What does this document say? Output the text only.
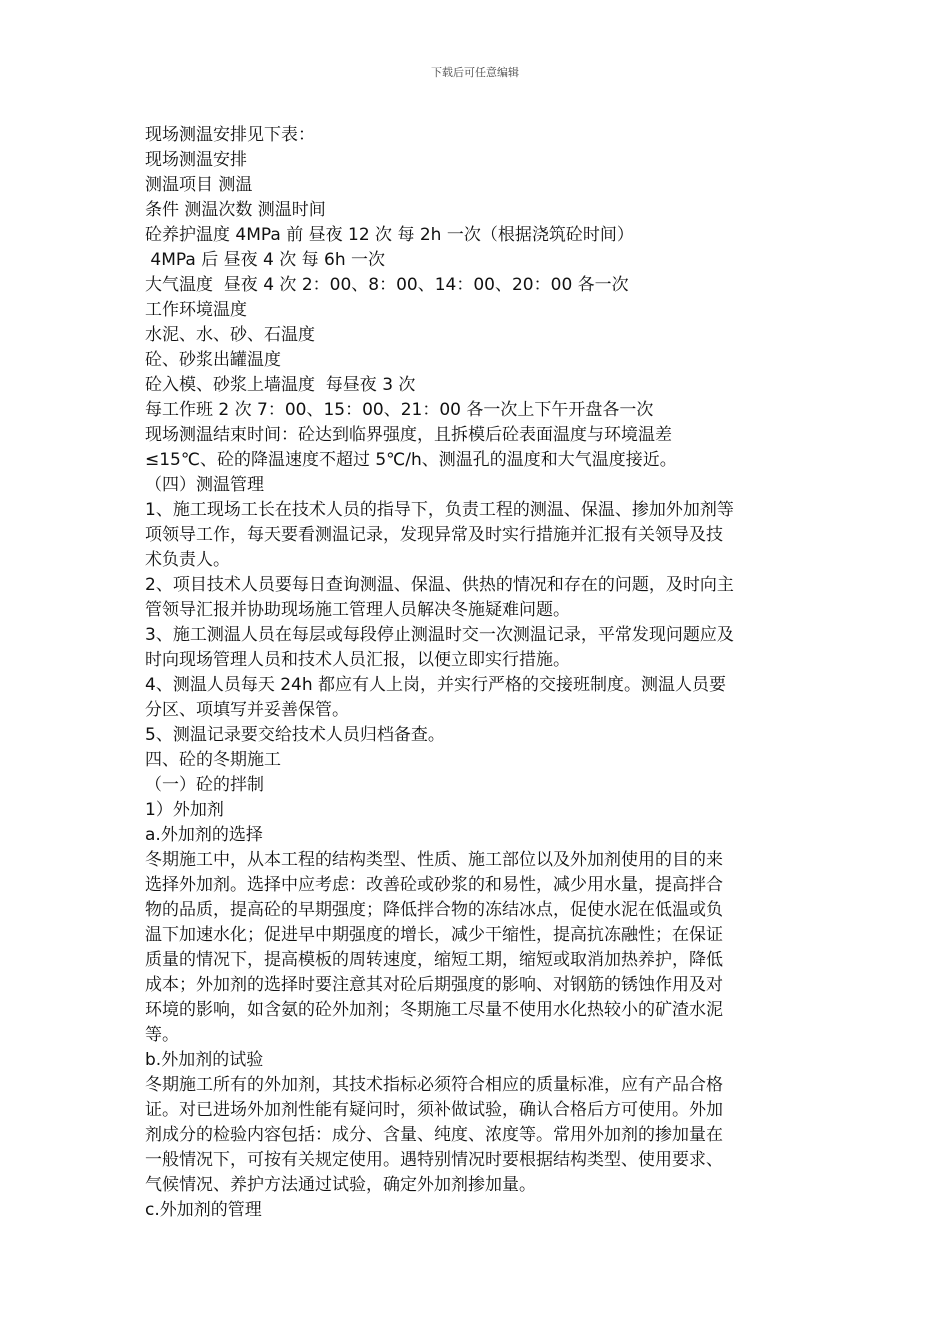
下载后可任意编辑
现场测温安排见下表：
现场测温安排
测温项目 测温
条件 测温次数 测温时间
砼养护温度 4MPa 前 昼夜 12 次 每 2h 一次（根据浇筑砼时间）
4MPa 后 昼夜 4 次 每 6h 一次
大气温度  昼夜 4 次 2：00、8：00、14：00、20：00 各一次
工作环境温度
水泥、水、砂、石温度
砼、砂浆出罐温度
砼入模、砂浆上墙温度  每昼夜 3 次
每工作班 2 次 7：00、15：00、21：00 各一次上下午开盘各一次
现场测温结束时间：砼达到临界强度，且拆模后砼表面温度与环境温差
≤15℃、砼的降温速度不超过 5℃/h、测温孔的温度和大气温度接近。
（四）测温管理
1、施工现场工长在技术人员的指导下，负责工程的测温、保温、掺加外加剂等
项领导工作，每天要看测温记录，发现异常及时实行措施并汇报有关领导及技
术负责人。
2、项目技术人员要每日查询测温、保温、供热的情况和存在的问题，及时向主
管领导汇报并协助现场施工管理人员解决冬施疑难问题。
3、施工测温人员在每层或每段停止测温时交一次测温记录，平常发现问题应及
时向现场管理人员和技术人员汇报，以便立即实行措施。
4、测温人员每天 24h 都应有人上岗，并实行严格的交接班制度。测温人员要
分区、项填写并妥善保管。
5、测温记录要交给技术人员归档备查。
四、砼的冬期施工
（一）砼的拌制
1）外加剂
a.外加剂的选择
冬期施工中，从本工程的结构类型、性质、施工部位以及外加剂使用的目的来
选择外加剂。选择中应考虑：改善砼或砂浆的和易性，减少用水量，提高拌合
物的品质，提高砼的早期强度；降低拌合物的冻结冰点，促使水泥在低温或负
温下加速水化；促进早中期强度的增长，减少干缩性，提高抗冻融性；在保证
质量的情况下，提高模板的周转速度，缩短工期，缩短或取消加热养护，降低
成本；外加剂的选择时要注意其对砼后期强度的影响、对钢筋的锈蚀作用及对
环境的影响，如含氨的砼外加剂；冬期施工尽量不使用水化热较小的矿渣水泥
等。
b.外加剂的试验
冬期施工所有的外加剂，其技术指标必须符合相应的质量标准，应有产品合格
证。对已进场外加剂性能有疑问时，须补做试验，确认合格后方可使用。外加
剂成分的检验内容包括：成分、含量、纯度、浓度等。常用外加剂的掺加量在
一般情况下，可按有关规定使用。遇特别情况时要根据结构类型、使用要求、
气候情况、养护方法通过试验，确定外加剂掺加量。
c.外加剂的管理
